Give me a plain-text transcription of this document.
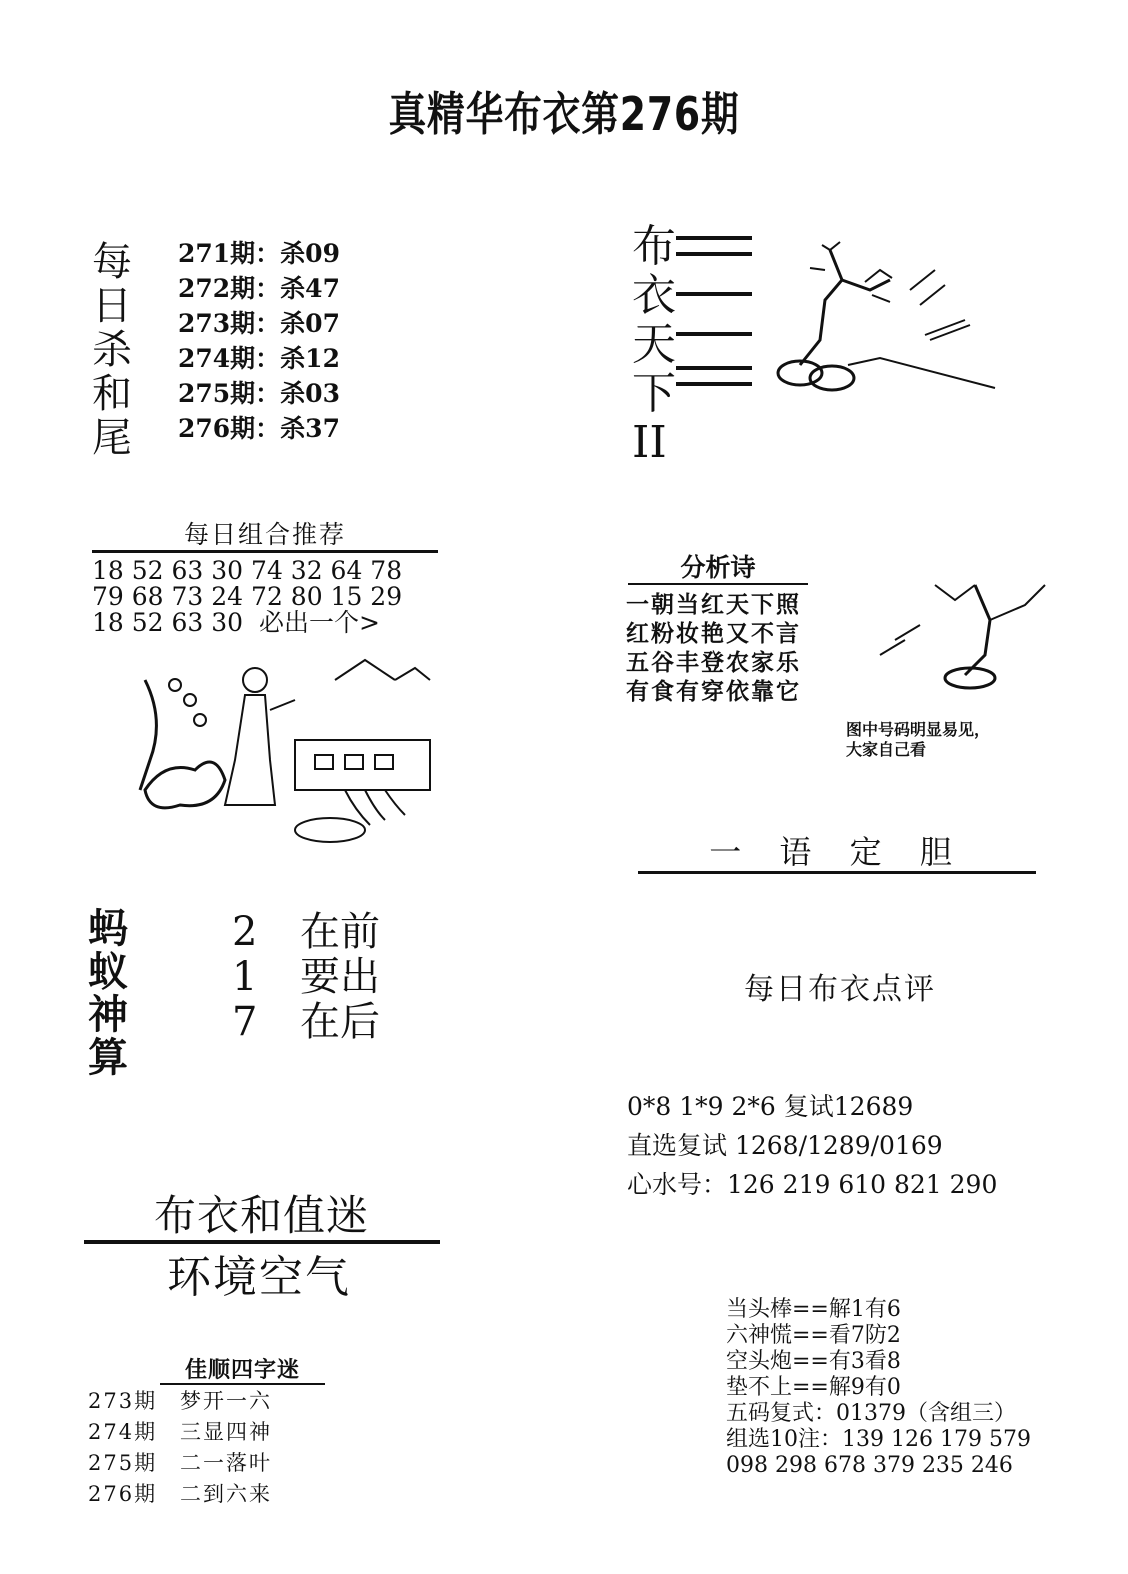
真精华布衣第276期
每
日
杀
和
尾
271期：杀09
272期：杀47
273期：杀07
274期：杀12
275期：杀03
276期：杀37
布
衣
天
下
II
每日组合推荐
18 52 63 30 74 32 64 78
79 68 73 24 72 80 15 29
18 52 63 30  必出一个>
分析诗
一朝当红天下照
红粉妆艳又不言
五谷丰登农家乐
有食有穿依靠它
图中号码明显易见，
大家自己看
一 语 定 胆
蚂
蚁
神
算
2	在前
1	要出
7	在后
每日布衣点评
0*8 1*9 2*6 复试12689
直选复试 1268/1289/0169
心水号：126 219 610 821 290
布衣和值迷
环境空气
佳顺四字迷
273期	梦开一六
274期	三显四神
275期	二一落叶
276期	二到六来
当头棒==解1有6
六神慌==看7防2
空头炮==有3看8
垫不上==解9有0
五码复式：01379（含组三）
组选10注：139 126 179 579
098 298 678 379 235 246
